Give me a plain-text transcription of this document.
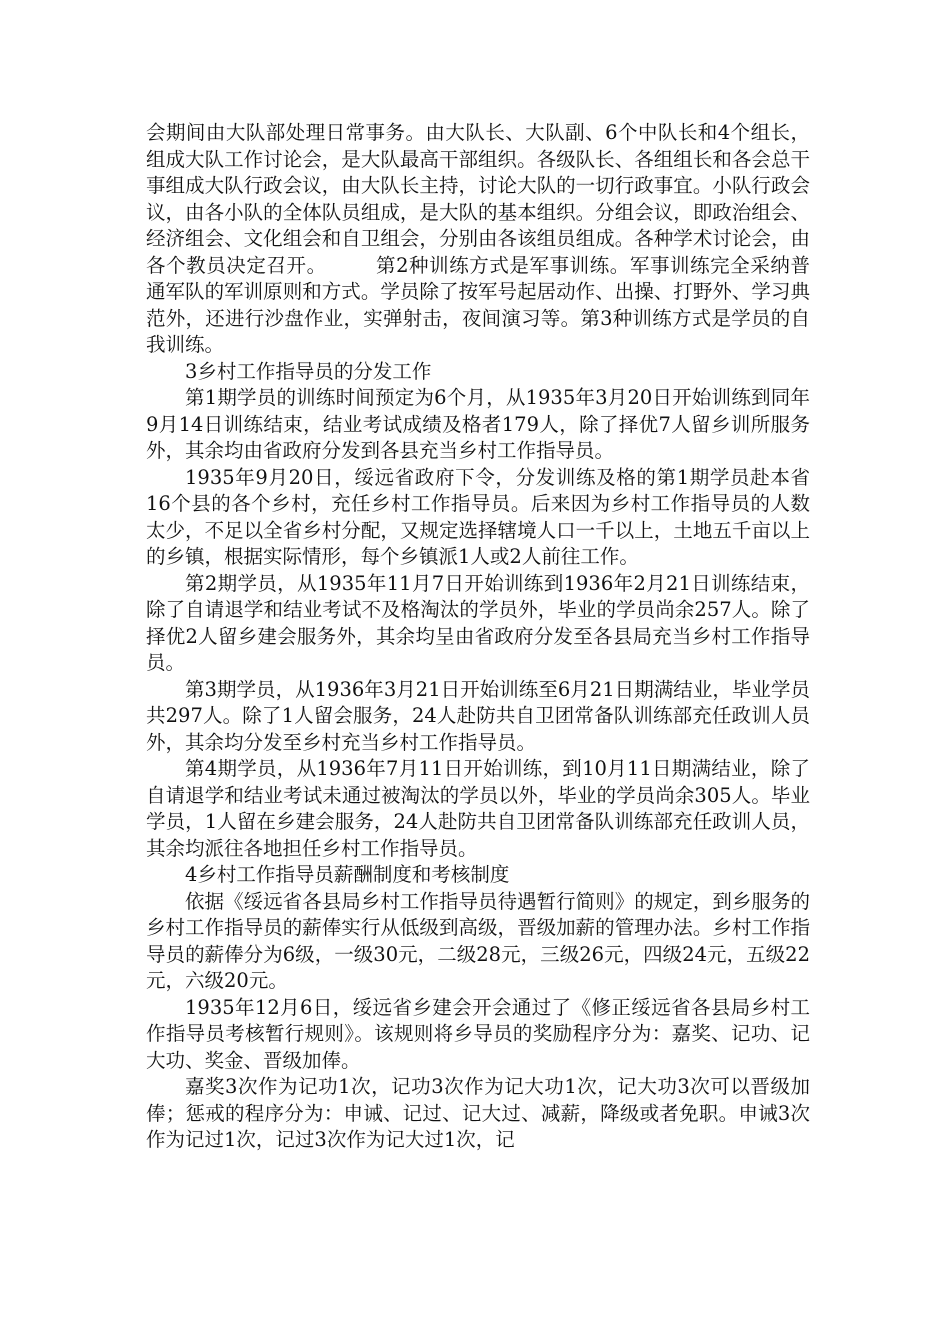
会期间由大队部处理日常事务。由大队长、大队副、6个中队长和4个组长，组成大队工作讨论会，是大队最高干部组织。各级队长、各组组长和各会总干事组成大队行政会议，由大队长主持，讨论大队的一切行政事宜。小队行政会议，由各小队的全体队员组成，是大队的基本组织。分组会议，即政治组会、经济组会、文化组会和自卫组会，分别由各该组员组成。各种学术讨论会，由各个教员决定召开。	第2种训练方式是军事训练。军事训练完全采纳普通军队的军训原则和方式。学员除了按军号起居动作、出操、打野外、学习典范外，还进行沙盘作业，实弹射击，夜间演习等。第3种训练方式是学员的自我训练。

3乡村工作指导员的分发工作

第1期学员的训练时间预定为6个月，从1935年3月20日开始训练到同年9月14日训练结束，结业考试成绩及格者179人，除了择优7人留乡训所服务外，其余均由省政府分发到各县充当乡村工作指导员。

1935年9月20日，绥远省政府下令，分发训练及格的第1期学员赴本省16个县的各个乡村，充任乡村工作指导员。后来因为乡村工作指导员的人数太少，不足以全省乡村分配，又规定选择辖境人口一千以上，土地五千亩以上的乡镇，根据实际情形，每个乡镇派1人或2人前往工作。

第2期学员，从1935年11月7日开始训练到1936年2月21日训练结束，除了自请退学和结业考试不及格淘汰的学员外，毕业的学员尚余257人。除了择优2人留乡建会服务外，其余均呈由省政府分发至各县局充当乡村工作指导员。

第3期学员，从1936年3月21日开始训练至6月21日期满结业，毕业学员共297人。除了1人留会服务，24人赴防共自卫团常备队训练部充任政训人员外，其余均分发至乡村充当乡村工作指导员。

第4期学员，从1936年7月11日开始训练，到10月11日期满结业，除了自请退学和结业考试未通过被淘汰的学员以外，毕业的学员尚余305人。毕业学员，1人留在乡建会服务，24人赴防共自卫团常备队训练部充任政训人员，其余均派往各地担任乡村工作指导员。

4乡村工作指导员薪酬制度和考核制度

依据《绥远省各县局乡村工作指导员待遇暂行简则》的规定，到乡服务的乡村工作指导员的薪俸实行从低级到高级，晋级加薪的管理办法。乡村工作指导员的薪俸分为6级，一级30元，二级28元，三级26元，四级24元，五级22元，六级20元。

1935年12月6日，绥远省乡建会开会通过了《修正绥远省各县局乡村工作指导员考核暂行规则》。该规则将乡导员的奖励程序分为：嘉奖、记功、记大功、奖金、晋级加俸。

嘉奖3次作为记功1次，记功3次作为记大功1次，记大功3次可以晋级加俸；惩戒的程序分为：申诫、记过、记大过、减薪，降级或者免职。申诫3次作为记过1次，记过3次作为记大过1次，记
